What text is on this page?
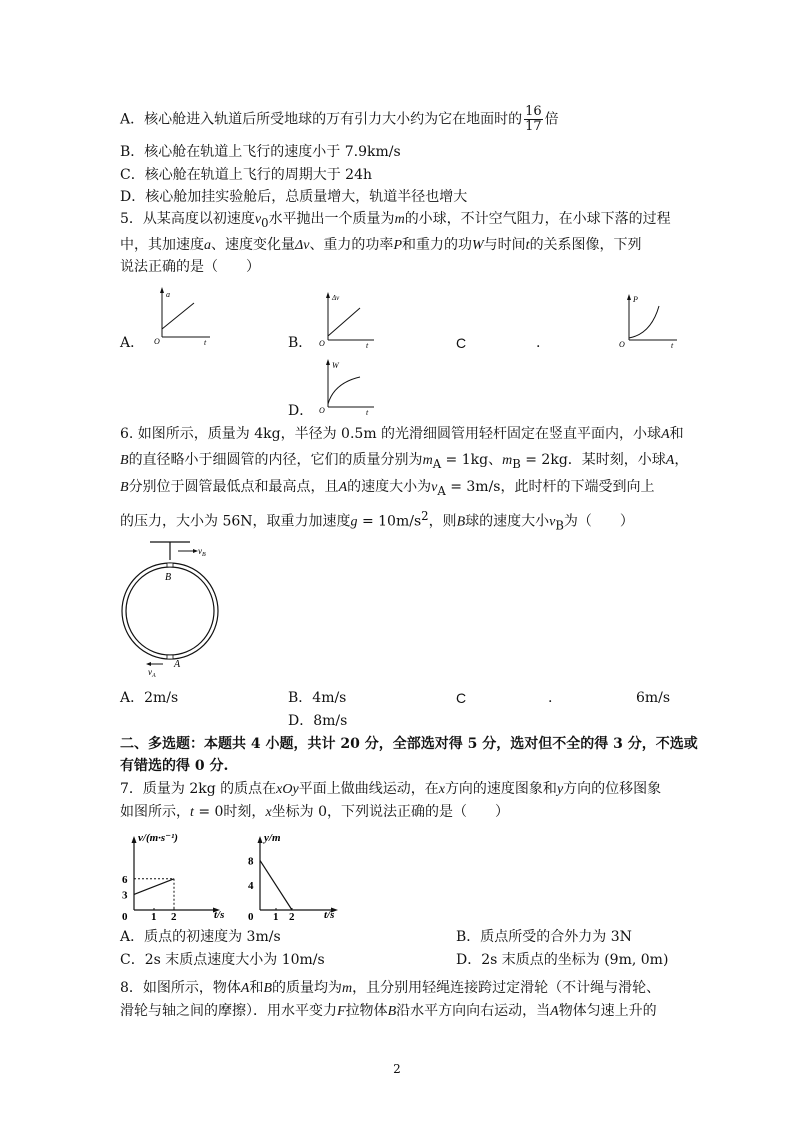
A．核心舱进入轨道后所受地球的万有引力大小约为它在地面时的 $\frac{16}{17}$ 倍
B．核心舱在轨道上飞行的速度小于 7.9km/s
C．核心舱在轨道上飞行的周期大于 24h
D．核心舱加挂实验舱后，总质量增大，轨道半径也增大
5．从某高度以初速度$v_0$水平抛出一个质量为m的小球，不计空气阻力，在小球下落的过程
中，其加速度a、速度变化量Δv、重力的功率P和重力的功W与时间t的关系图像，下列
说法正确的是（　　）
A．
a
O	t	B．
Δv
O	t	C	.
P
O	t
D．
W
O	t
6. 如图所示，质量为 4kg，半径为 0.5m 的光滑细圆管用轻杆固定在竖直平面内，小球A和
B的直径略小于细圆管的内径，它们的质量分别为$m_A = 1kg$、$m_B = 2kg$．某时刻，小球A，
B分别位于圆管最低点和最高点，且A的速度大小为$v_A = 3m/s$，此时杆的下端受到向上
的压力，大小为 56N，取重力加速度$g = 10m/s^2$，则B球的速度大小$v_B$为（　　）
$v_B$
B
A
$v_A$
A．2m/s	B．4m/s	C	.	6m/s
D．8m/s
二、多选题：本题共 4 小题，共计 20 分，全部选对得 5 分，选对但不全的得 3 分，不选或
有错选的得 0 分.
7．质量为 2kg 的质点在xOy平面上做曲线运动，在x方向的速度图象和y方向的位移图象
如图所示，t = 0时刻，x坐标为 0，下列说法正确的是（　　）
0 1 2
3
6
v/(m·s⁻¹)
t/s 0 1 2
4
8
y/m
t/s
A．质点的初速度为 3m/s	B．质点所受的合外力为 3N
C．2s 末质点速度大小为 10m/s	D．2s 末质点的坐标为 (9m, 0m)
8．如图所示，物体A和B的质量均为m，且分别用轻绳连接跨过定滑轮（不计绳与滑轮、
滑轮与轴之间的摩擦）．用水平变力F拉物体B沿水平方向向右运动，当A物体匀速上升的
2
